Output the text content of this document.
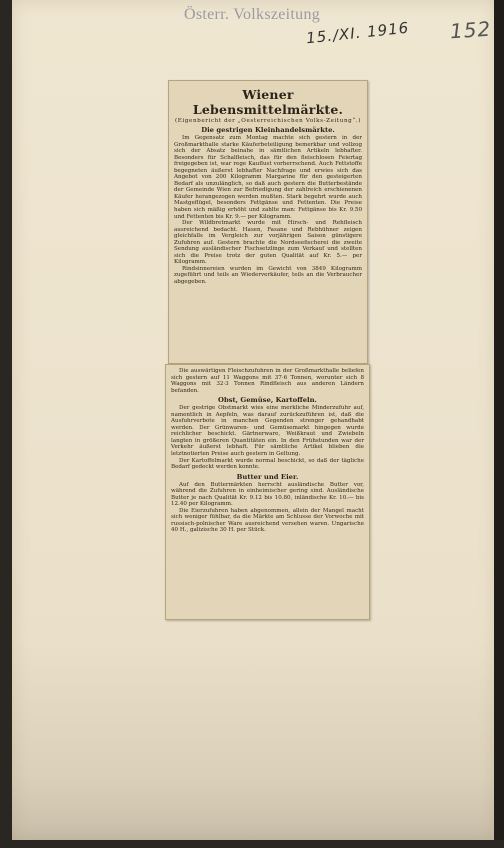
Österr. Volkszeitung
15./XI. 1916 152
Wiener Lebensmittelmärkte.
(Eigenbericht der „Oesterreichischen Volks-Zeitung“.)
Die gestrigen Kleinhandelsmärkte.

Im Gegensatz zum Montag machte sich gestern in der Großmarkthalle starke Käuferbeteiligung bemerkbar und vollzog sich der Absatz beinahe in sämtlichen Artikeln lebhafter. Besonders für Schalfleisch, das für den fleischlosen Feiertag freigegeben ist, war rege Kauflust vorherrschend. Auch Fettstoffe begegneten äußerst lebhafter Nachfrage und erwies sich das Angebot von 200 Kilogramm Margarine für den gesteigerten Bedarf als unzulänglich, so daß auch gestern die Butterbestände der Gemeinde Wien zur Befriedigung der zahlreich erschienenen Käufer herangezogen werden mußten. Stark begehrt wurde auch Mastgeflügel, besonders Fettgänse und Fettenten. Die Preise haben sich mäßig erhöht und zahlte man: Fettgänse bis Kr. 9.50 und Fettenten bis Kr. 9.— per Kilogramm.

Der Wildbretmarkt wurde mit Hirsch- und Rehfleisch ausreichend bedacht. Hasen, Fasane und Rebhühner zeigen gleichfalls im Vergleich zur vorjährigen Saison günstigere Zufuhren auf. Gestern brachte die Nordseefischerei die zweite Sendung ausländischer Fischsetzlinge zum Verkauf und stellten sich die Preise trotz der guten Qualität auf Kr. 5.— per Kilogramm.

Rindsinnereien wurden im Gewicht von 3849 Kilogramm zugeführt und teils an Wiederverkäufer, teils an die Verbraucher abgegeben.

Die auswärtigen Fleischzufuhren in der Großmarkthalle beliefen sich gestern auf 11 Waggons mit 37·6 Tonnen, worunter sich 8 Waggons mit 32·3 Tonnen Rindfleisch aus anderen Ländern befanden.

Obst, Gemüse, Kartoffeln.

Der gestrige Obstmarkt wies eine merkliche Minderzufuhr auf, namentlich in Aepfeln, was darauf zurückzuführen ist, daß die Ausfuhrverbote in manchen Gegenden strenger gehandhabt werden. Der Grünwaren- und Gemüsemarkt hingegen wurde reichlicher beschickt. Gärtnerware, Weißkraut und Zwiebeln langten in größeren Quantitäten ein. In den Frühstunden war der Verkehr äußerst lebhaft. Für sämtliche Artikel blieben die letztnotierten Preise auch gestern in Geltung.

Der Kartoffelmarkt wurde normal beschickt, so daß der tägliche Bedarf gedeckt werden konnte.

Butter und Eier.

Auf den Buttermärkten herrscht ausländische Butter vor, während die Zufuhren in einheimischer gering sind. Ausländische Butter je nach Qualität Kr. 9.12 bis 10.80, inländische Kr. 10.— bis 12.40 per Kilogramm.

Die Eierzufuhren haben abgenommen, allein der Mangel macht sich weniger fühlbar, da die Märkte am Schlusse der Vorwoche mit russisch-polnischer Ware ausreichend versehen waren. Ungarische 40 H., galizische 30 H. per Stück.
